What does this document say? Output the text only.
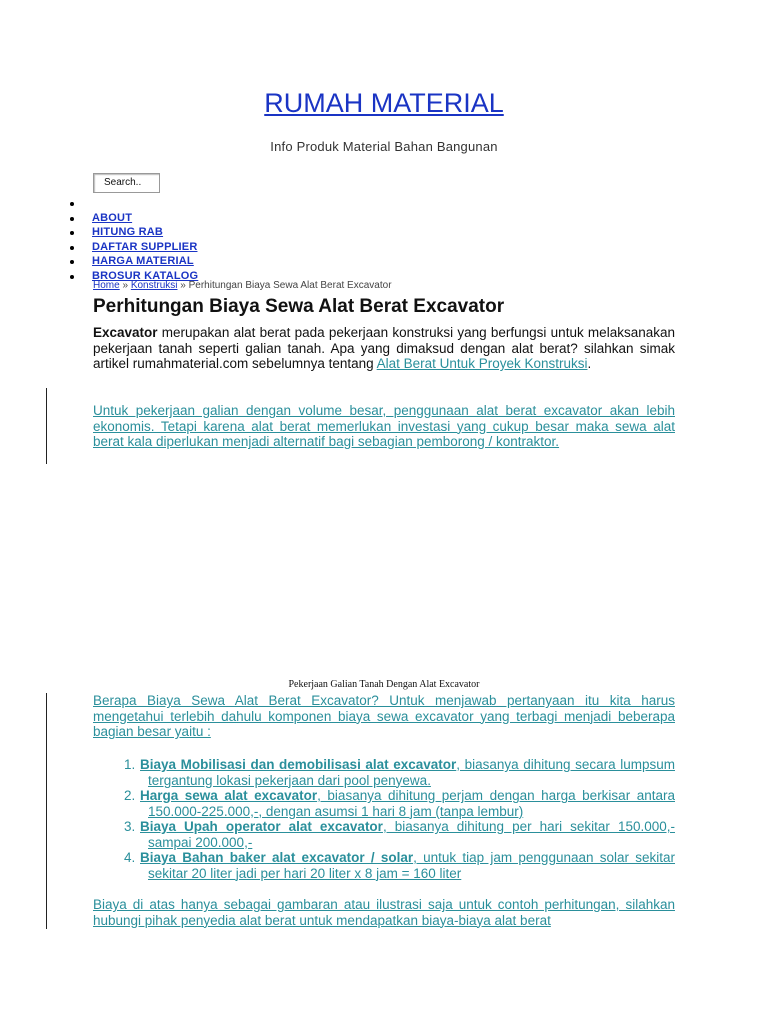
RUMAH MATERIAL
Info Produk Material Bahan Bangunan
Search..
ABOUT
HITUNG RAB
DAFTAR SUPPLIER
HARGA MATERIAL
BROSUR KATALOG
Home » Konstruksi » Perhitungan Biaya Sewa Alat Berat Excavator
Perhitungan Biaya Sewa Alat Berat Excavator

Excavator merupakan alat berat pada pekerjaan konstruksi yang berfungsi untuk melaksanakan pekerjaan tanah seperti galian tanah. Apa yang dimaksud dengan alat berat? silahkan simak artikel rumahmaterial.com sebelumnya tentang Alat Berat Untuk Proyek Konstruksi.

Untuk pekerjaan galian dengan volume besar, penggunaan alat berat excavator akan lebih ekonomis. Tetapi karena alat berat memerlukan investasi yang cukup besar maka sewa alat berat kala diperlukan menjadi alternatif bagi sebagian pemborong / kontraktor.

Pekerjaan Galian Tanah Dengan Alat Excavator

Berapa Biaya Sewa Alat Berat Excavator? Untuk menjawab pertanyaan itu kita harus mengetahui terlebih dahulu komponen biaya sewa excavator yang terbagi menjadi beberapa bagian besar yaitu :

1. Biaya Mobilisasi dan demobilisasi alat excavator, biasanya dihitung secara lumpsum tergantung lokasi pekerjaan dari pool penyewa.
2. Harga sewa alat excavator, biasanya dihitung perjam dengan harga berkisar antara 150.000-225.000,-, dengan asumsi 1 hari 8 jam (tanpa lembur)
3. Biaya Upah operator alat excavator, biasanya dihitung per hari sekitar 150.000,- sampai 200.000,-
4. Biaya Bahan baker alat excavator / solar, untuk tiap jam penggunaan solar sekitar sekitar 20 liter jadi per hari 20 liter x 8 jam = 160 liter

Biaya di atas hanya sebagai gambaran atau ilustrasi saja untuk contoh perhitungan, silahkan hubungi pihak penyedia alat berat untuk mendapatkan biaya-biaya alat berat
